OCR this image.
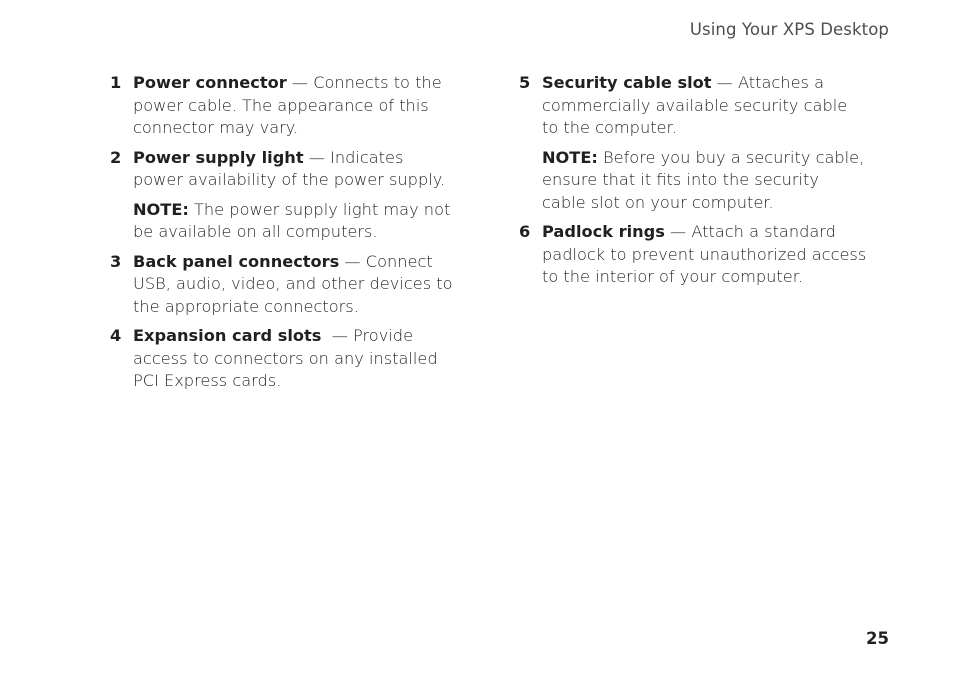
Using Your XPS Desktop
1 Power connector — Connects to the power cable. The appearance of this connector may vary.
2 Power supply light — Indicates power availability of the power supply.
NOTE: The power supply light may not be available on all computers.
3 Back panel connectors — Connect USB, audio, video, and other devices to the appropriate connectors.
4 Expansion card slots  — Provide access to connectors on any installed PCI Express cards.
5 Security cable slot — Attaches a commercially available security cable to the computer.
NOTE: Before you buy a security cable, ensure that it fits into the security cable slot on your computer.
6 Padlock rings — Attach a standard padlock to prevent unauthorized access to the interior of your computer.
25
